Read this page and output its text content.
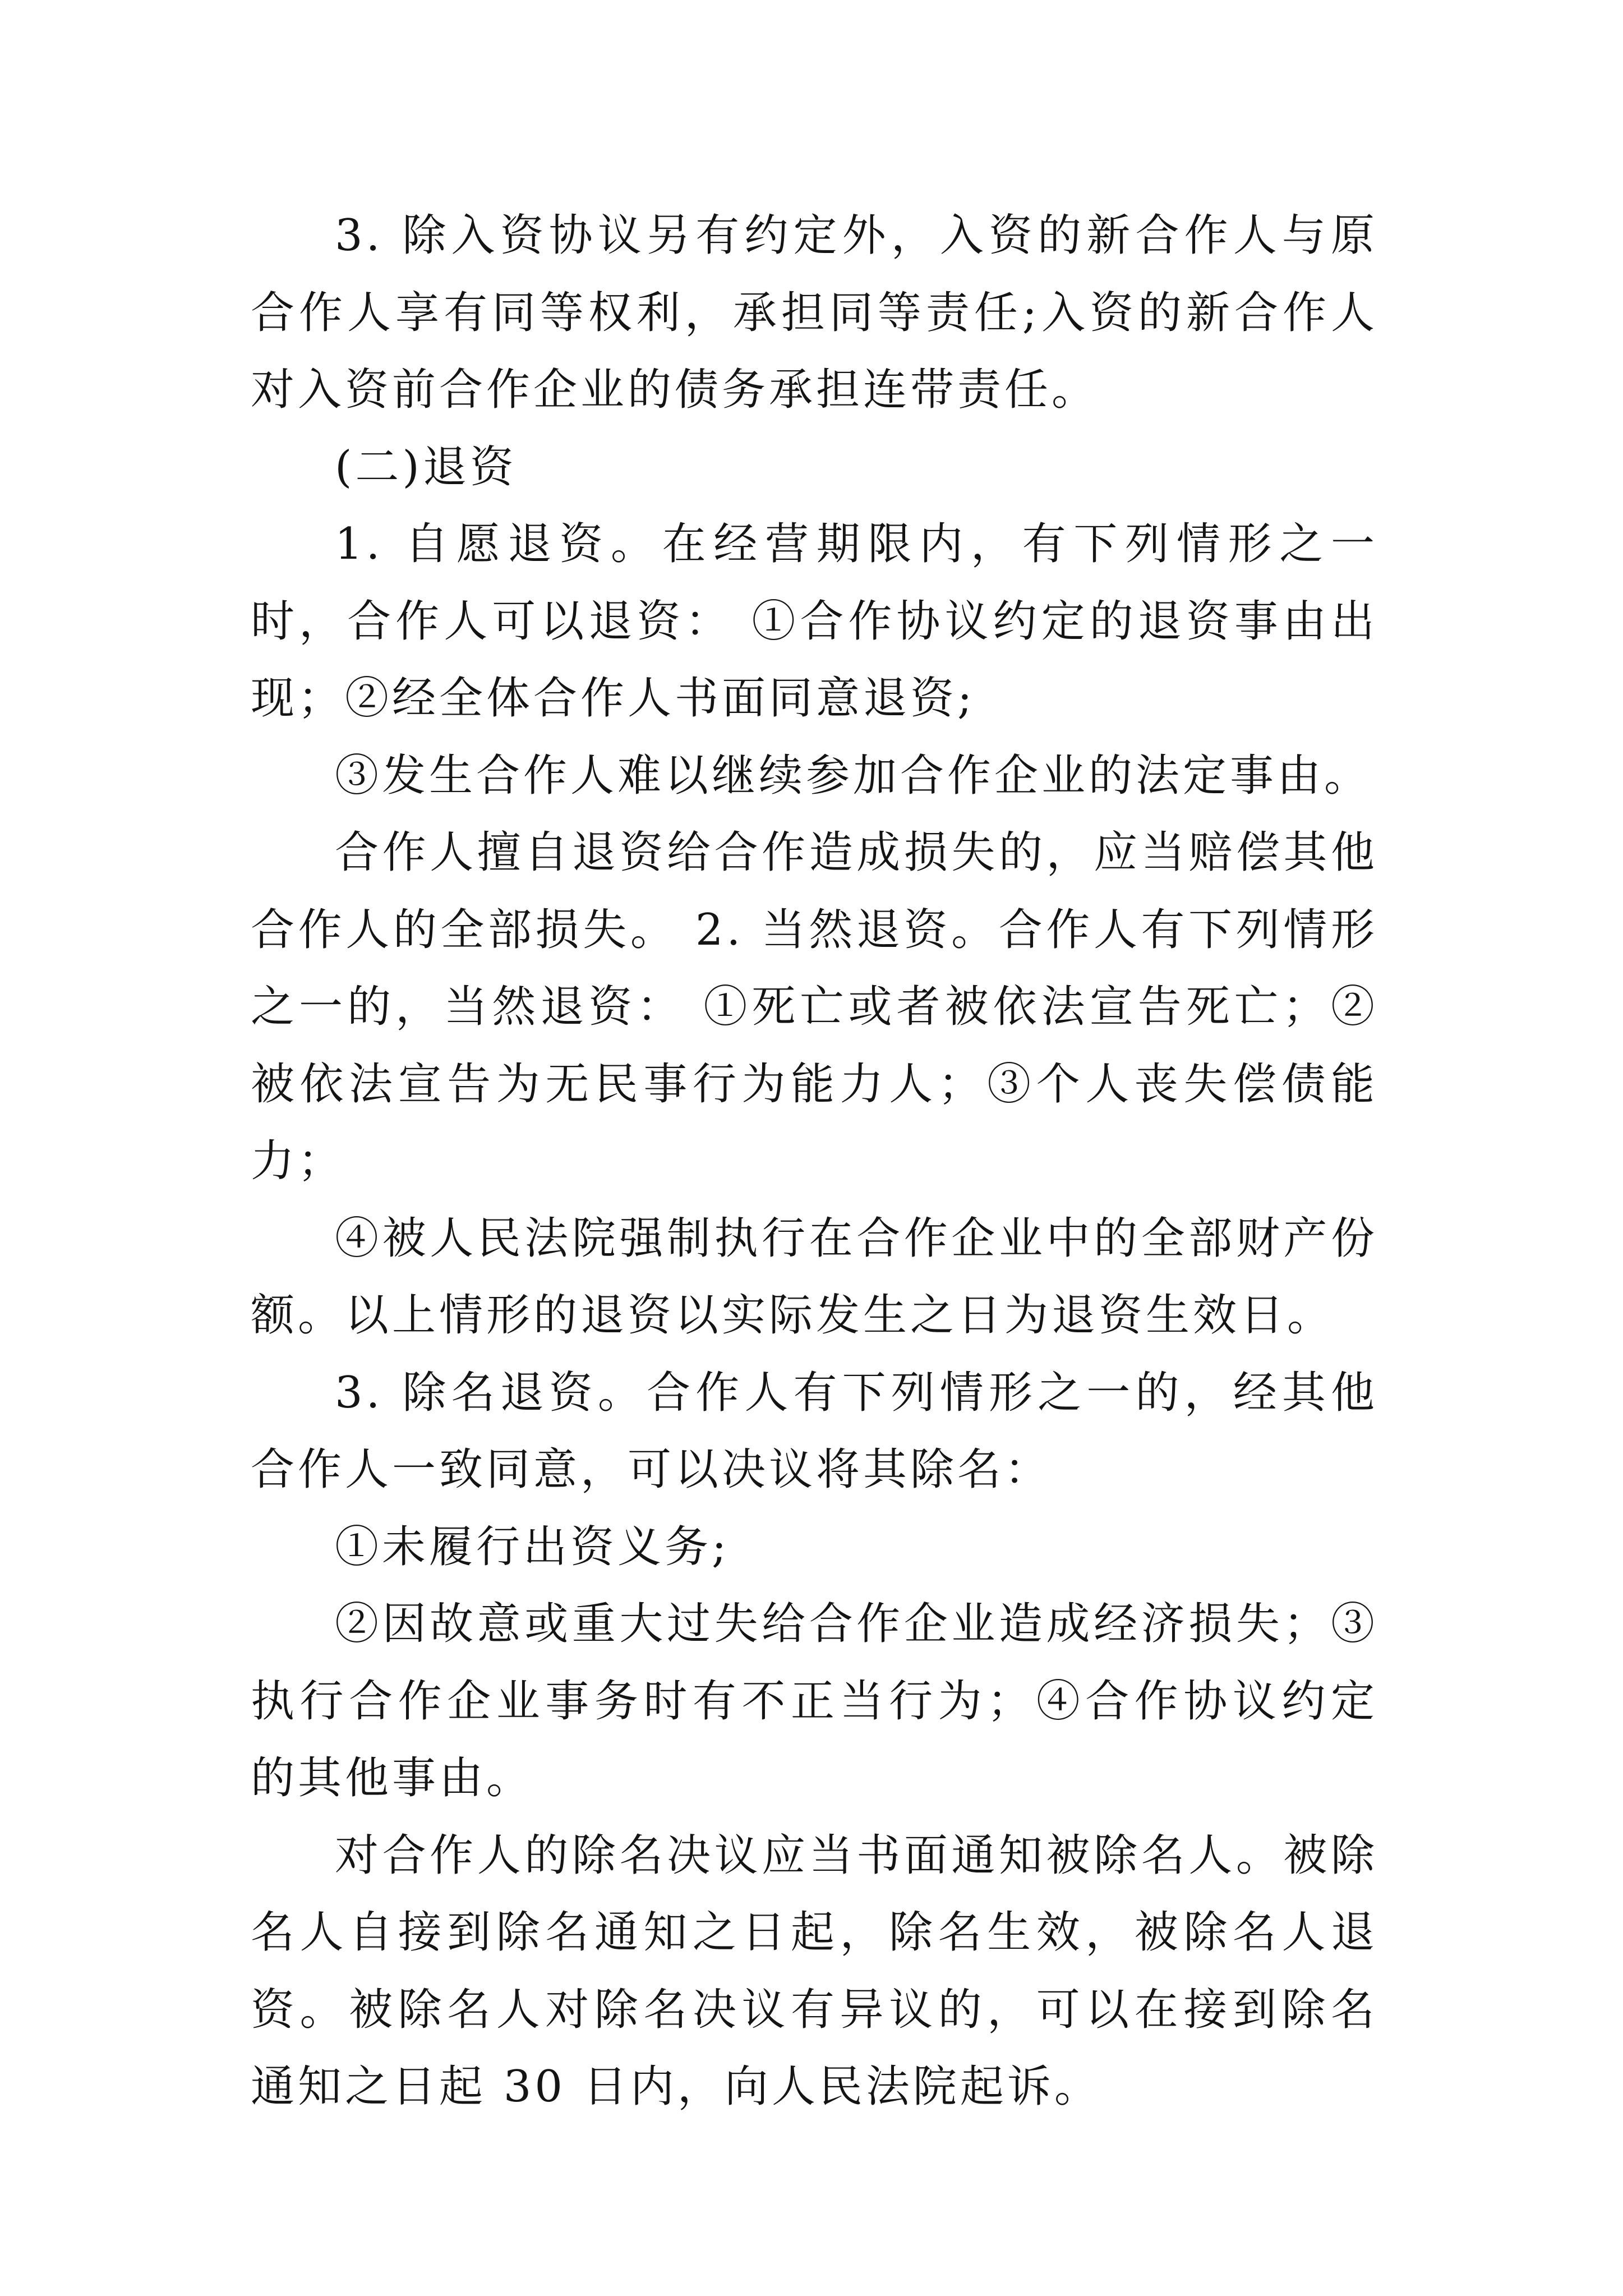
3. 除入资协议另有约定外，入资的新合作人与原合作人享有同等权利，承担同等责任;入资的新合作人对入资前合作企业的债务承担连带责任。

(二)退资

1. 自愿退资。在经营期限内，有下列情形之一时，合作人可以退资： ①合作协议约定的退资事由出现；②经全体合作人书面同意退资;

③发生合作人难以继续参加合作企业的法定事由。

合作人擅自退资给合作造成损失的，应当赔偿其他合作人的全部损失。 2. 当然退资。合作人有下列情形之一的，当然退资： ①死亡或者被依法宣告死亡；②被依法宣告为无民事行为能力人；③个人丧失偿债能力；

④被人民法院强制执行在合作企业中的全部财产份额。以上情形的退资以实际发生之日为退资生效日。

3. 除名退资。合作人有下列情形之一的，经其他合作人一致同意，可以决议将其除名：

①未履行出资义务;

②因故意或重大过失给合作企业造成经济损失；③执行合作企业事务时有不正当行为；④合作协议约定的其他事由。

对合作人的除名决议应当书面通知被除名人。被除名人自接到除名通知之日起，除名生效，被除名人退资。被除名人对除名决议有异议的，可以在接到除名通知之日起 30 日内，向人民法院起诉。
